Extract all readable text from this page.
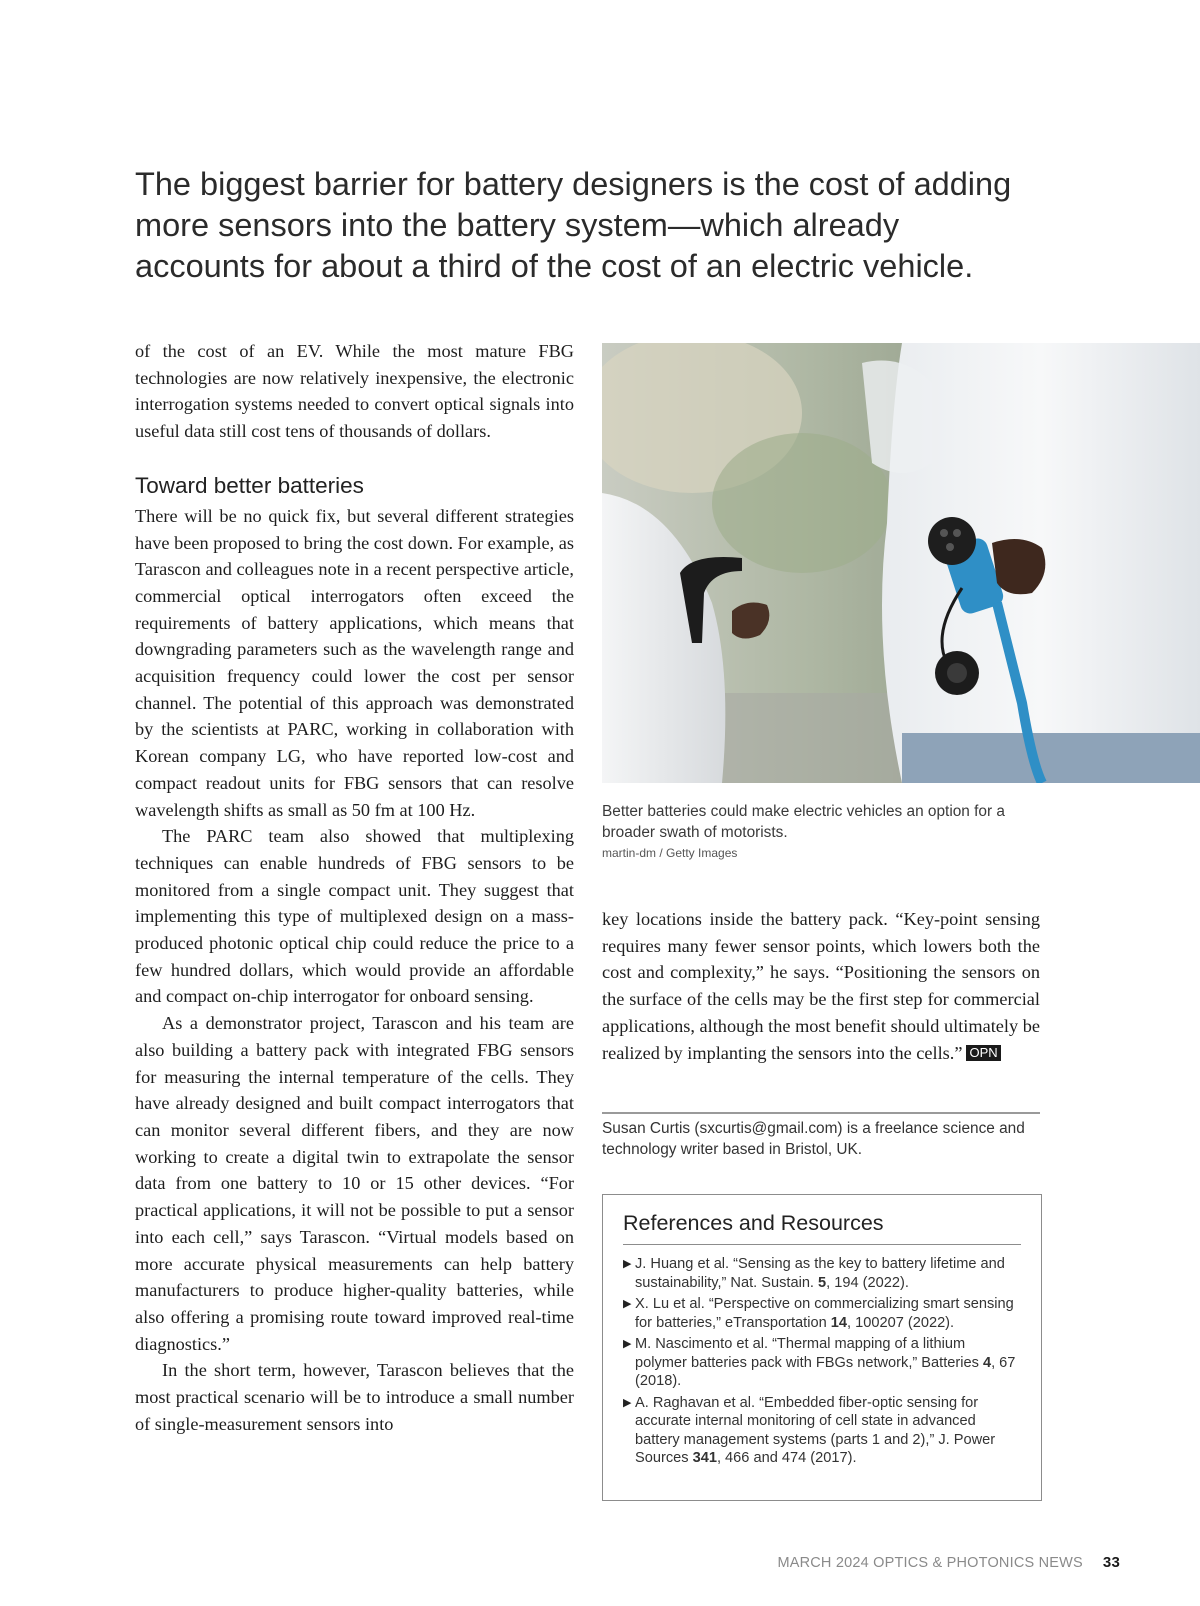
The biggest barrier for battery designers is the cost of adding more sensors into the battery system—which already accounts for about a third of the cost of an electric vehicle.

of the cost of an EV. While the most mature FBG technologies are now relatively inexpensive, the electronic interrogation systems needed to convert optical signals into useful data still cost tens of thousands of dollars.

Toward better batteries

There will be no quick fix, but several different strategies have been proposed to bring the cost down. For example, as Tarascon and colleagues note in a recent perspective article, commercial optical interrogators often exceed the requirements of battery applications, which means that downgrading parameters such as the wavelength range and acquisition frequency could lower the cost per sensor channel. The potential of this approach was demonstrated by the scientists at PARC, working in collaboration with Korean company LG, who have reported low-cost and compact readout units for FBG sensors that can resolve wavelength shifts as small as 50 fm at 100 Hz.

The PARC team also showed that multiplexing techniques can enable hundreds of FBG sensors to be monitored from a single compact unit. They suggest that implementing this type of multiplexed design on a mass-produced photonic optical chip could reduce the price to a few hundred dollars, which would provide an affordable and compact on-chip interrogator for onboard sensing.

As a demonstrator project, Tarascon and his team are also building a battery pack with integrated FBG sensors for measuring the internal temperature of the cells. They have already designed and built compact interrogators that can monitor several different fibers, and they are now working to create a digital twin to extrapolate the sensor data from one battery to 10 or 15 other devices. “For practical applications, it will not be possible to put a sensor into each cell,” says Tarascon. “Virtual models based on more accurate physical measurements can help battery manufacturers to produce higher-quality batteries, while also offering a promising route toward improved real-time diagnostics.”

In the short term, however, Tarascon believes that the most practical scenario will be to introduce a small number of single-measurement sensors into

Better batteries could make electric vehicles an option for a broader swath of motorists.

martin-dm / Getty Images

key locations inside the battery pack. “Key-point sensing requires many fewer sensor points, which lowers both the cost and complexity,” he says. “Positioning the sensors on the surface of the cells may be the first step for commercial applications, although the most benefit should ultimately be realized by implanting the sensors into the cells.” OPN

Susan Curtis (sxcurtis@gmail.com) is a freelance science and technology writer based in Bristol, UK.

References and Resources
▶ J. Huang et al. “Sensing as the key to battery lifetime and sustainability,” Nat. Sustain. 5, 194 (2022).
▶ X. Lu et al. “Perspective on commercializing smart sensing for batteries,” eTransportation 14, 100207 (2022).
▶ M. Nascimento et al. “Thermal mapping of a lithium polymer batteries pack with FBGs network,” Batteries 4, 67 (2018).
▶ A. Raghavan et al. “Embedded fiber-optic sensing for accurate internal monitoring of cell state in advanced battery management systems (parts 1 and 2),” J. Power Sources 341, 466 and 474 (2017).
MARCH 2024 OPTICS & PHOTONICS NEWS 33
